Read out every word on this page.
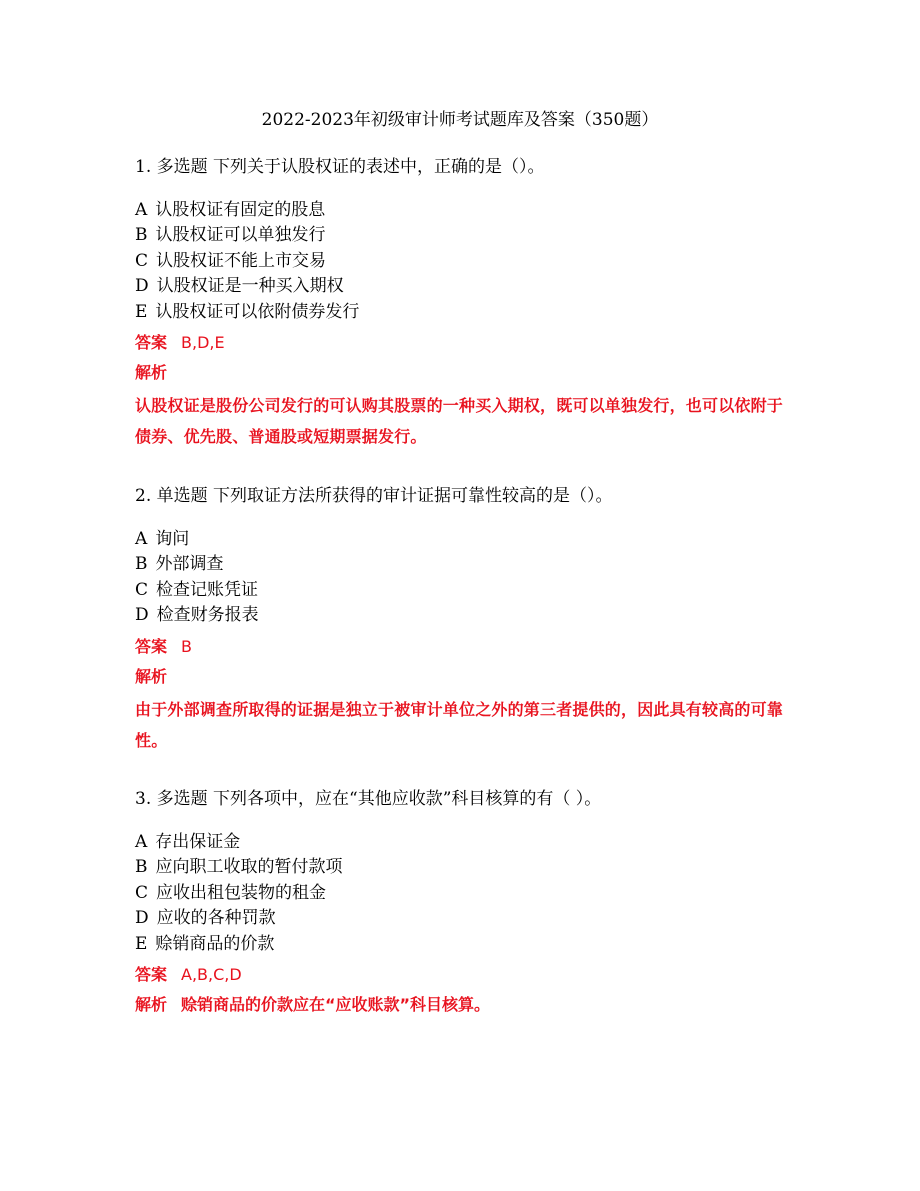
2022-2023年初级审计师考试题库及答案（350题）
1. 多选题 下列关于认股权证的表述中，正确的是（）。
A 认股权证有固定的股息
B 认股权证可以单独发行
C 认股权证不能上市交易
D 认股权证是一种买入期权
E 认股权证可以依附债券发行
答案 B,D,E
解析
认股权证是股份公司发行的可认购其股票的一种买入期权，既可以单独发行，也可以依附于债券、优先股、普通股或短期票据发行。
2. 单选题 下列取证方法所获得的审计证据可靠性较高的是（）。
A 询问
B 外部调查
C 检查记账凭证
D 检查财务报表
答案 B
解析
由于外部调查所取得的证据是独立于被审计单位之外的第三者提供的，因此具有较高的可靠性。
3. 多选题 下列各项中，应在“其他应收款”科目核算的有（ ）。
A 存出保证金
B 应向职工收取的暂付款项
C 应收出租包装物的租金
D 应收的各种罚款
E 赊销商品的价款
答案 A,B,C,D
解析 赊销商品的价款应在“应收账款”科目核算。
